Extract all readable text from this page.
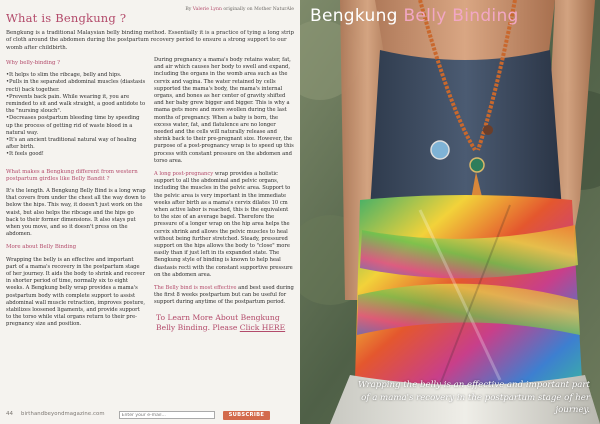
What is Bengkung ?
By Valerie Lynn originally on Mother NaturAle
Bengkung is a traditional Malaysian belly binding method. Essentially it is a practice of tying a long strip of cloth around the abdomen during the postpartum recovery period to ensure a strong support to our womb after childbirth.
Why belly-binding ?
•It helps to slim the ribcage, belly and hips.
•Pulls in the separated abdominal muscles (diastasis recti) back together.
•Prevents back pain. While wearing it, you are reminded to sit and walk straight, a good antidote to the "nursing slouch".
•Decreases postpartum bleeding time by speeding up the process of getting rid of waste blood in a natural way.
•It's an ancient traditional natural way of healing after birth.
•It feels good!
What makes a Bengkung different from western postpartum girdles like Belly Bandit ?

It's the length. A Bengkung Belly Bind is a long wrap that covers from under the chest all the way down to below the hips. This way, it doesn't just work on the waist, but also helps the ribcage and the hips go back to their former dimensions. It also stays put when you move, and so it doesn't press on the abdomen.

More about Belly Binding

Wrapping the belly is an effective and important part of a mama's recovery in the postpartum stage of her journey. It aids the body to shrink and recover in shorter period of time, normally six to eight weeks. A Bengkung belly wrap provides a mama's postpartum body with complete support to assist abdominal wall muscle retraction, improves posture, stabilizes loosened ligaments, and provide support to the torso while vital organs return to their pre-pregnancy size and position.

During pregnancy a mama's body retains water, fat, and air which causes her body to swell and expand, including the organs in the womb area such as the cervix and vagina. The water retained by cells supported the mama's body, the mama's internal organs, and bones as her center of gravity shifted and her baby grew bigger and bigger. This is why a mama gets more and more swollen during the last months of pregnancy. When a baby is born, the excess water, fat, and flatulence are no longer needed and the cells will naturally release and shrink back to their pre-pregnant size. However, the purpose of a post-pregnancy wrap is to speed up this process with constant pressure on the abdomen and torso area.

A long post-pregnancy wrap provides a holistic support to all the abdominal and pelvic organs, including the muscles in the pelvic area. Support to the pelvic area is very important in the immediate weeks after birth as a mama's cervix dilates 10 cm when active labor is reached, this is the equivalent to the size of an average bagel. Therefore the pressure of a longer wrap on the hip area helps the cervix shrink and allows the pelvic muscles to heal without being further stretched. Steady, pressured support on the hips allows the body to "close" more easily than if just left in its expanded state. The Bengkung style of binding is known to help heal diastasis recti with the constant supportive pressure on the abdomen area.

The Belly bind is most effective and best used during the first 8 weeks postpartum but can be useful for support during anytime of the postpartum period.

To Learn More About Bengkung
Belly Binding. Please Click HERE
44 birthandbeyondmagazine.com
Enter your e-mail...	SUBSCRIBE
Bengkung Belly Binding
Wrapping the belly is an effective and important part of a mama's recovery in the postpartum stage of her journey.
